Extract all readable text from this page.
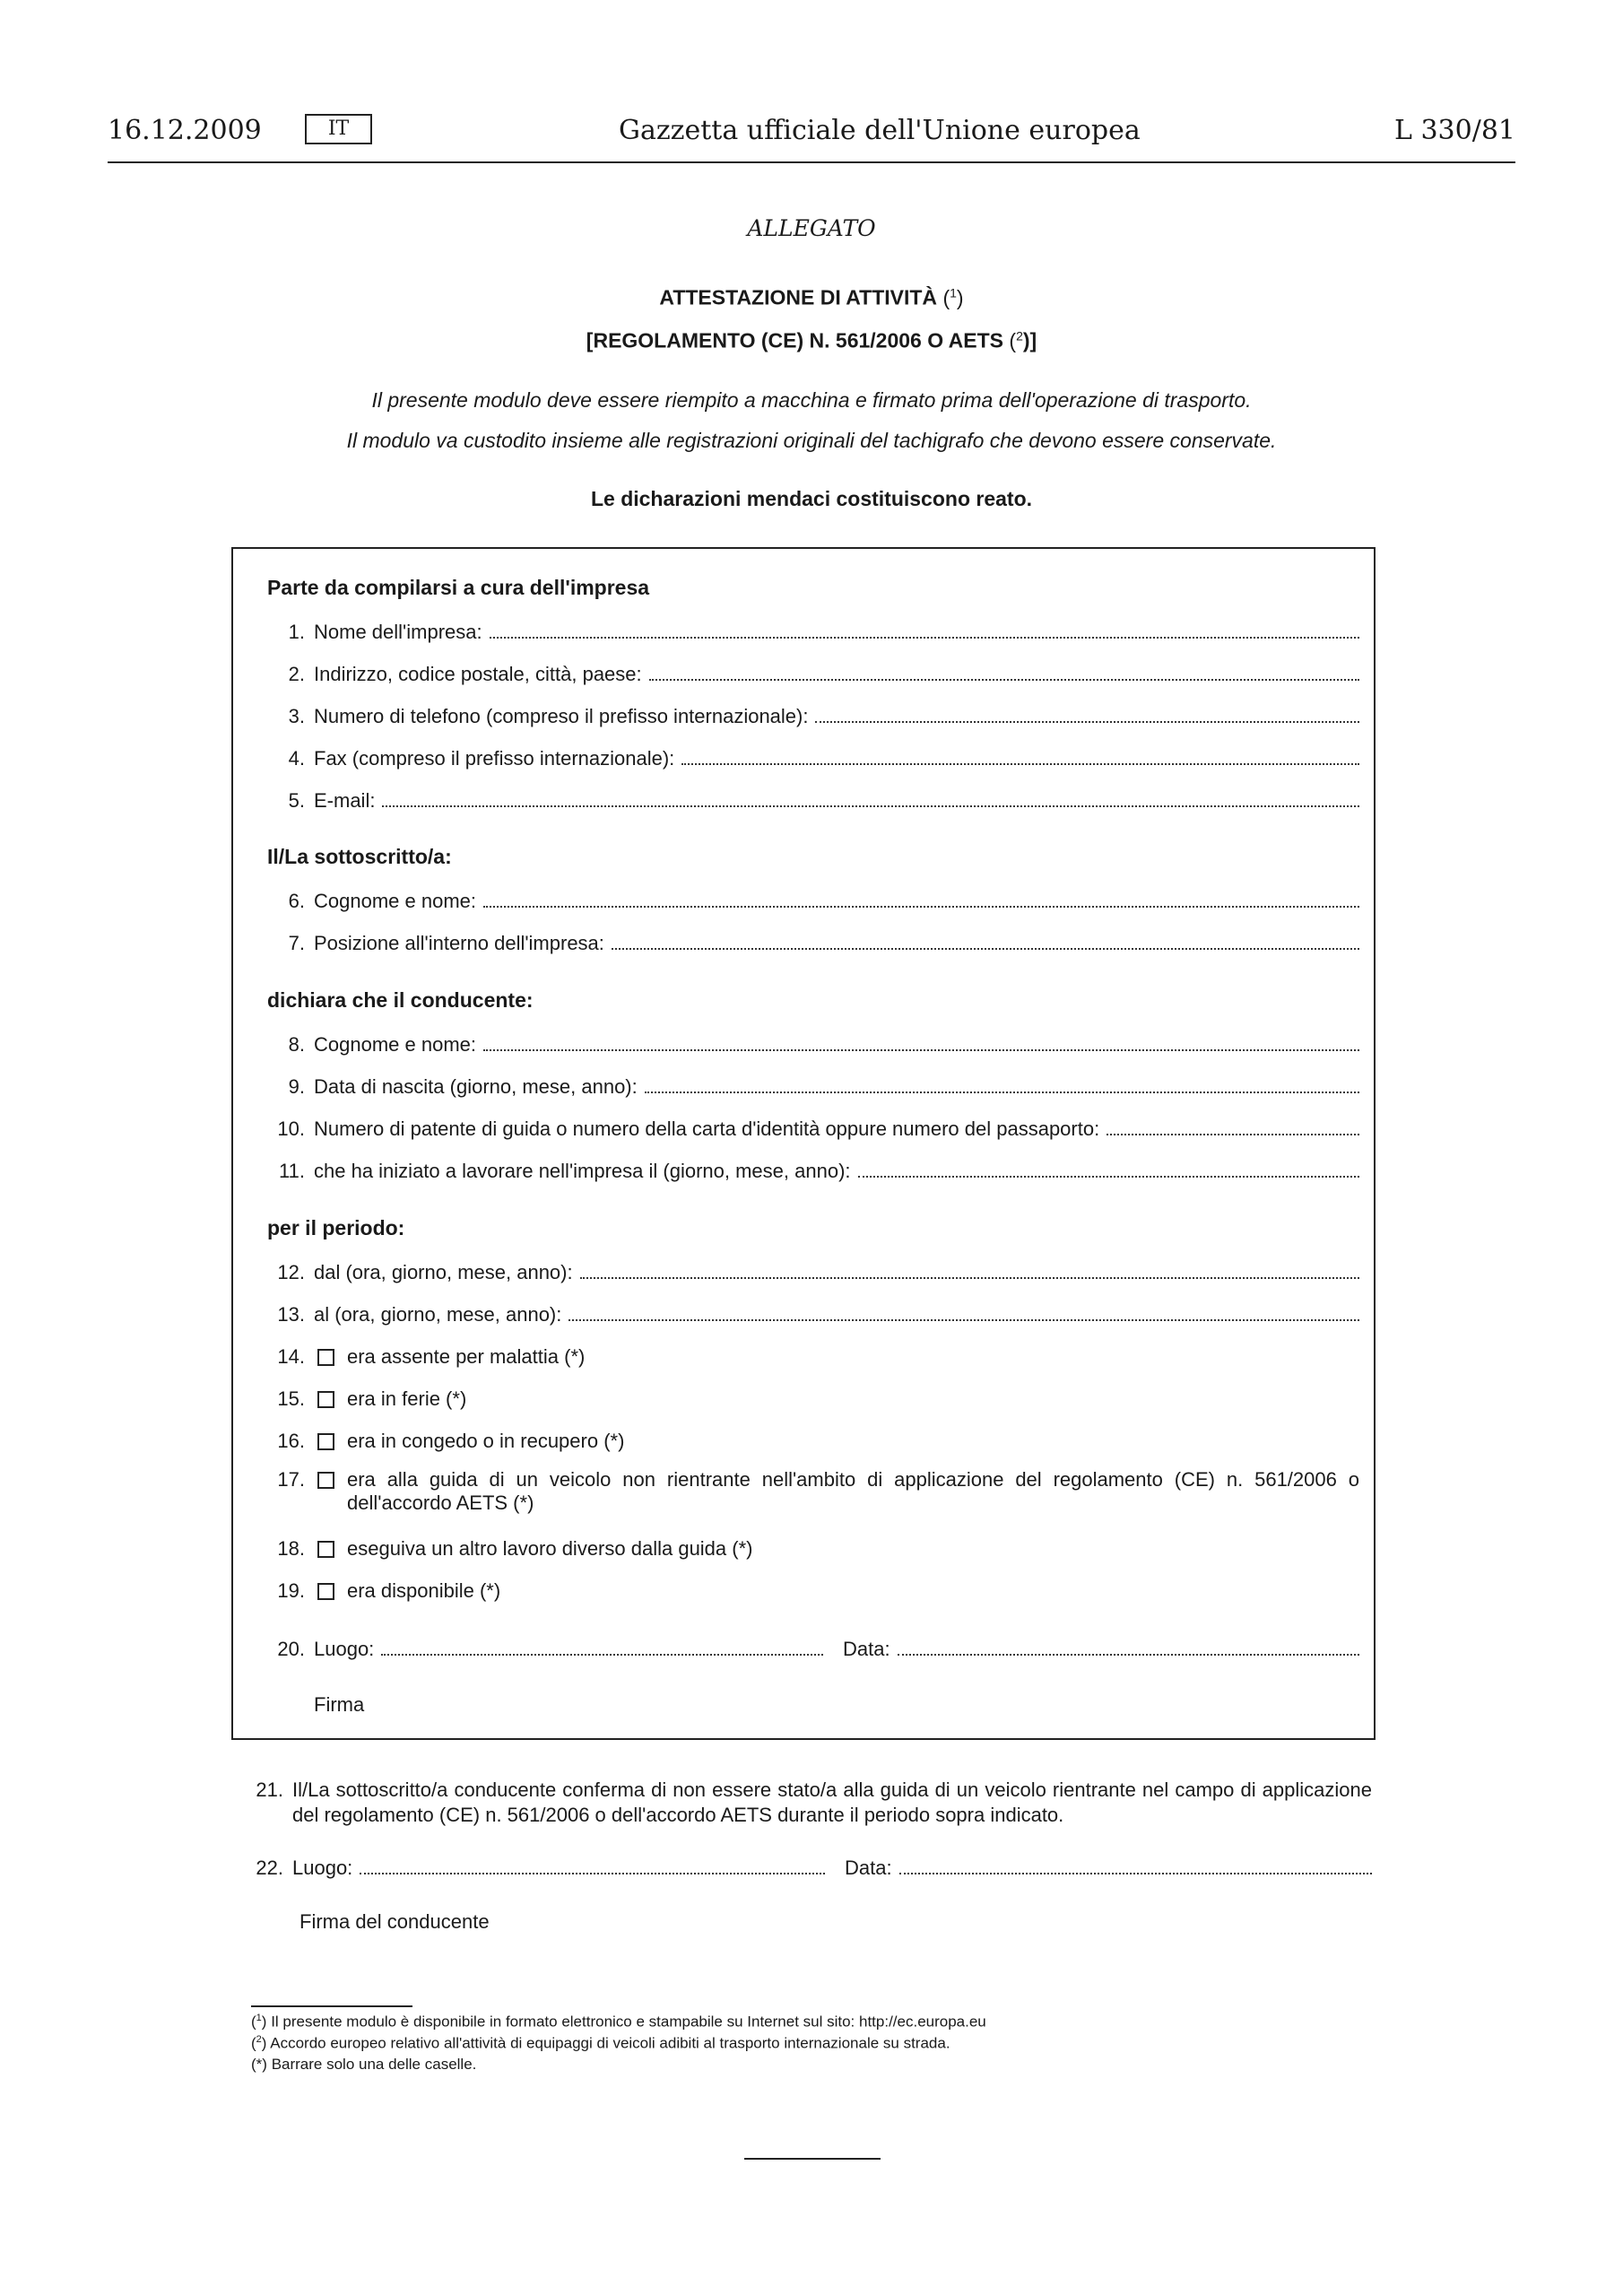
16.12.2009	IT	Gazzetta ufficiale dell'Unione europea	L 330/81
ALLEGATO
ATTESTAZIONE DI ATTIVITÀ ($^1$)
[REGOLAMENTO (CE) N. 561/2006 O AETS ($^2$)]
Il presente modulo deve essere riempito a macchina e firmato prima dell'operazione di trasporto.
Il modulo va custodito insieme alle registrazioni originali del tachigrafo che devono essere conservate.
Le dicharazioni mendaci costituiscono reato.
Parte da compilarsi a cura dell'impresa
1. Nome dell'impresa:
2. Indirizzo, codice postale, città, paese:
3. Numero di telefono (compreso il prefisso internazionale):
4. Fax (compreso il prefisso internazionale):
5. E-mail:
Il/La sottoscritto/a:
6. Cognome e nome:
7. Posizione all'interno dell'impresa:
dichiara che il conducente:
8. Cognome e nome:
9. Data di nascita (giorno, mese, anno):
10. Numero di patente di guida o numero della carta d'identità oppure numero del passaporto:
11. che ha iniziato a lavorare nell'impresa il (giorno, mese, anno):
per il periodo:
12. dal (ora, giorno, mese, anno):
13. al (ora, giorno, mese, anno):
14. era assente per malattia (*)
15. era in ferie (*)
16. era in congedo o in recupero (*)
17. era alla guida di un veicolo non rientrante nell'ambito di applicazione del regolamento (CE) n. 561/2006 o dell'accordo AETS (*)
18. eseguiva un altro lavoro diverso dalla guida (*)
19. era disponibile (*)
20. Luogo:	Data:
Firma
21. Il/La sottoscritto/a conducente conferma di non essere stato/a alla guida di un veicolo rientrante nel campo di applicazione del regolamento (CE) n. 561/2006 o dell'accordo AETS durante il periodo sopra indicato.
22. Luogo:	Data:
Firma del conducente
($^1$) Il presente modulo è disponibile in formato elettronico e stampabile su Internet sul sito: http://ec.europa.eu
($^2$) Accordo europeo relativo all'attività di equipaggi di veicoli adibiti al trasporto internazionale su strada.
(*) Barrare solo una delle caselle.
